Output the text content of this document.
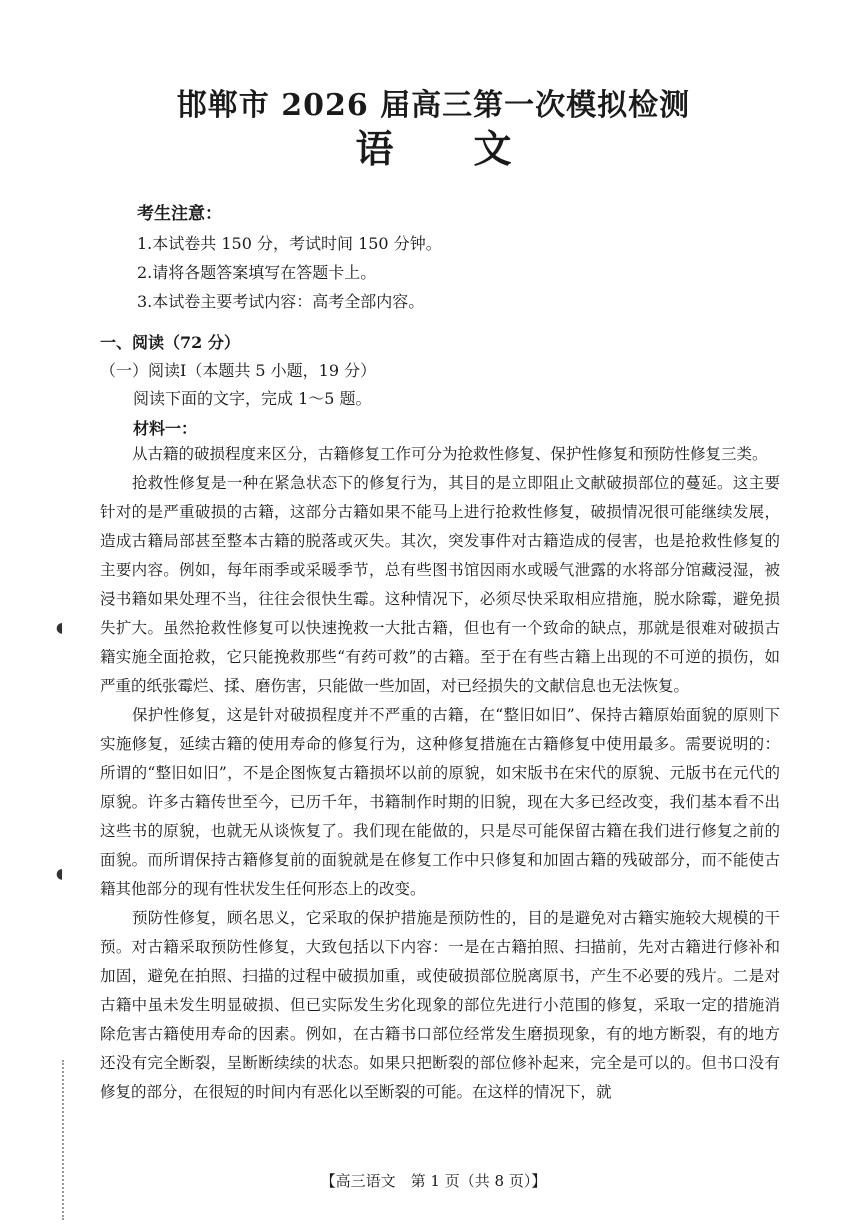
◖
◖
邯郸市 2026 届高三第一次模拟检测
语文
考生注意：
1.本试卷共 150 分，考试时间 150 分钟。
2.请将各题答案填写在答题卡上。
3.本试卷主要考试内容：高考全部内容。
一、阅读（72 分）
（一）阅读Ⅰ（本题共 5 小题，19 分）
阅读下面的文字，完成 1～5 题。
材料一：

从古籍的破损程度来区分，古籍修复工作可分为抢救性修复、保护性修复和预防性修复三类。

抢救性修复是一种在紧急状态下的修复行为，其目的是立即阻止文献破损部位的蔓延。这主要针对的是严重破损的古籍，这部分古籍如果不能马上进行抢救性修复，破损情况很可能继续发展，造成古籍局部甚至整本古籍的脱落或灭失。其次，突发事件对古籍造成的侵害，也是抢救性修复的主要内容。例如，每年雨季或采暖季节，总有些图书馆因雨水或暖气泄露的水将部分馆藏浸湿，被浸书籍如果处理不当，往往会很快生霉。这种情况下，必须尽快采取相应措施，脱水除霉，避免损失扩大。虽然抢救性修复可以快速挽救一大批古籍，但也有一个致命的缺点，那就是很难对破损古籍实施全面抢救，它只能挽救那些“有药可救”的古籍。至于在有些古籍上出现的不可逆的损伤，如严重的纸张霉烂、揉、磨伤害，只能做一些加固，对已经损失的文献信息也无法恢复。

保护性修复，这是针对破损程度并不严重的古籍，在“整旧如旧”、保持古籍原始面貌的原则下实施修复，延续古籍的使用寿命的修复行为，这种修复措施在古籍修复中使用最多。需要说明的：所谓的“整旧如旧”，不是企图恢复古籍损坏以前的原貌，如宋版书在宋代的原貌、元版书在元代的原貌。许多古籍传世至今，已历千年，书籍制作时期的旧貌，现在大多已经改变，我们基本看不出这些书的原貌，也就无从谈恢复了。我们现在能做的，只是尽可能保留古籍在我们进行修复之前的面貌。而所谓保持古籍修复前的面貌就是在修复工作中只修复和加固古籍的残破部分，而不能使古籍其他部分的现有性状发生任何形态上的改变。

预防性修复，顾名思义，它采取的保护措施是预防性的，目的是避免对古籍实施较大规模的干预。对古籍采取预防性修复，大致包括以下内容：一是在古籍拍照、扫描前，先对古籍进行修补和加固，避免在拍照、扫描的过程中破损加重，或使破损部位脱离原书，产生不必要的残片。二是对古籍中虽未发生明显破损、但已实际发生劣化现象的部位先进行小范围的修复，采取一定的措施消除危害古籍使用寿命的因素。例如，在古籍书口部位经常发生磨损现象，有的地方断裂，有的地方还没有完全断裂，呈断断续续的状态。如果只把断裂的部位修补起来，完全是可以的。但书口没有修复的部分，在很短的时间内有恶化以至断裂的可能。在这样的情况下，就

【高三语文　第 1 页（共 8 页）】
